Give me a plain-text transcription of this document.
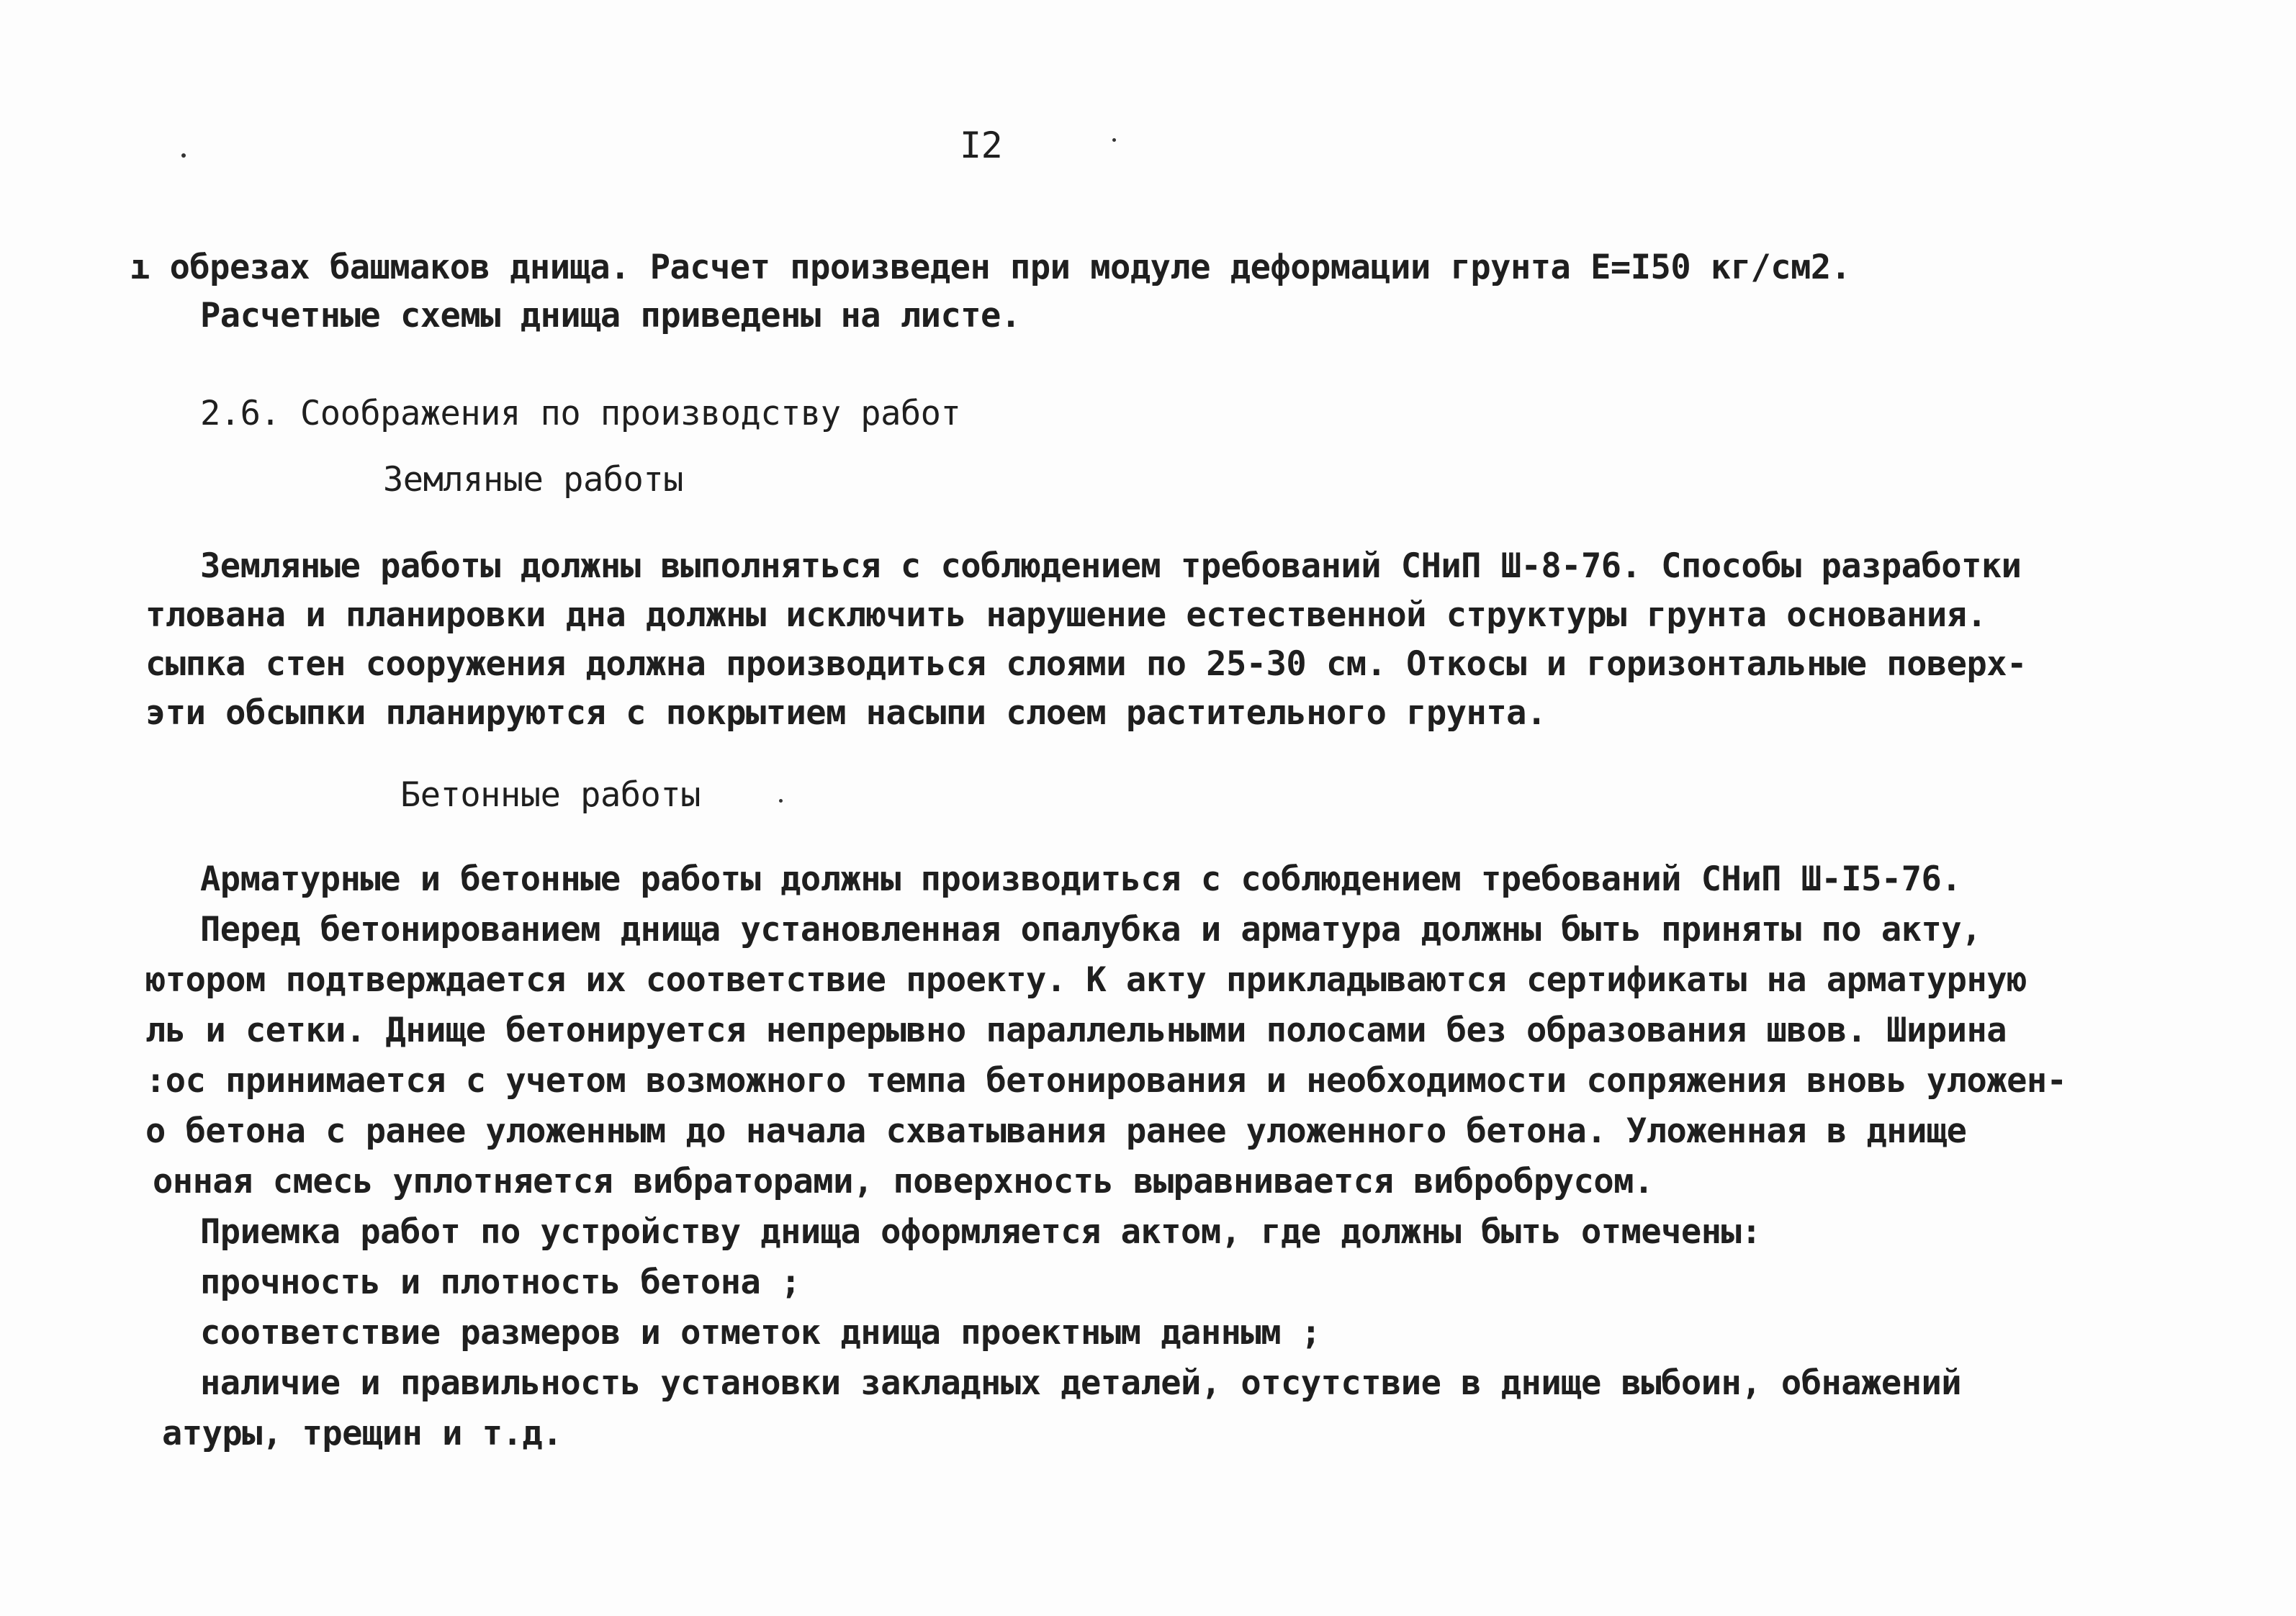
I2
ı обрезах башмаков днища. Расчет произведен при модуле деформации грунта Е=I50 кг/см2.
Расчетные схемы днища приведены на листе.
2.6. Соображения по производству работ
Земляные работы
Земляные работы должны выполняться с соблюдением требований СНиП Ш-8-76. Способы разработки
тлована и планировки дна должны исключить нарушение естественной структуры грунта основания.
сыпка стен сооружения должна производиться слоями по 25-30 см. Откосы и горизонтальные поверх-
эти обсыпки планируются с покрытием насыпи слоем растительного грунта.
Бетонные работы
Арматурные и бетонные работы должны производиться с соблюдением требований СНиП Ш-I5-76.
Перед бетонированием днища установленная опалубка и арматура должны быть приняты по акту,
ютором подтверждается их соответствие проекту. К акту прикладываются сертификаты на арматурную
ль и сетки. Днище бетонируется непрерывно параллельными полосами без образования швов. Ширина
:ос принимается с учетом возможного темпа бетонирования и необходимости сопряжения вновь уложен-
о бетона с ранее уложенным до начала схватывания ранее уложенного бетона. Уложенная в днище
онная смесь уплотняется вибраторами, поверхность выравнивается вибробрусом.
Приемка работ по устройству днища оформляется актом, где должны быть отмечены:
прочность и плотность бетона ;
соответствие размеров и отметок днища проектным данным ;
наличие и правильность установки закладных деталей, отсутствие в днище выбоин, обнажений
атуры, трещин и т.д.
